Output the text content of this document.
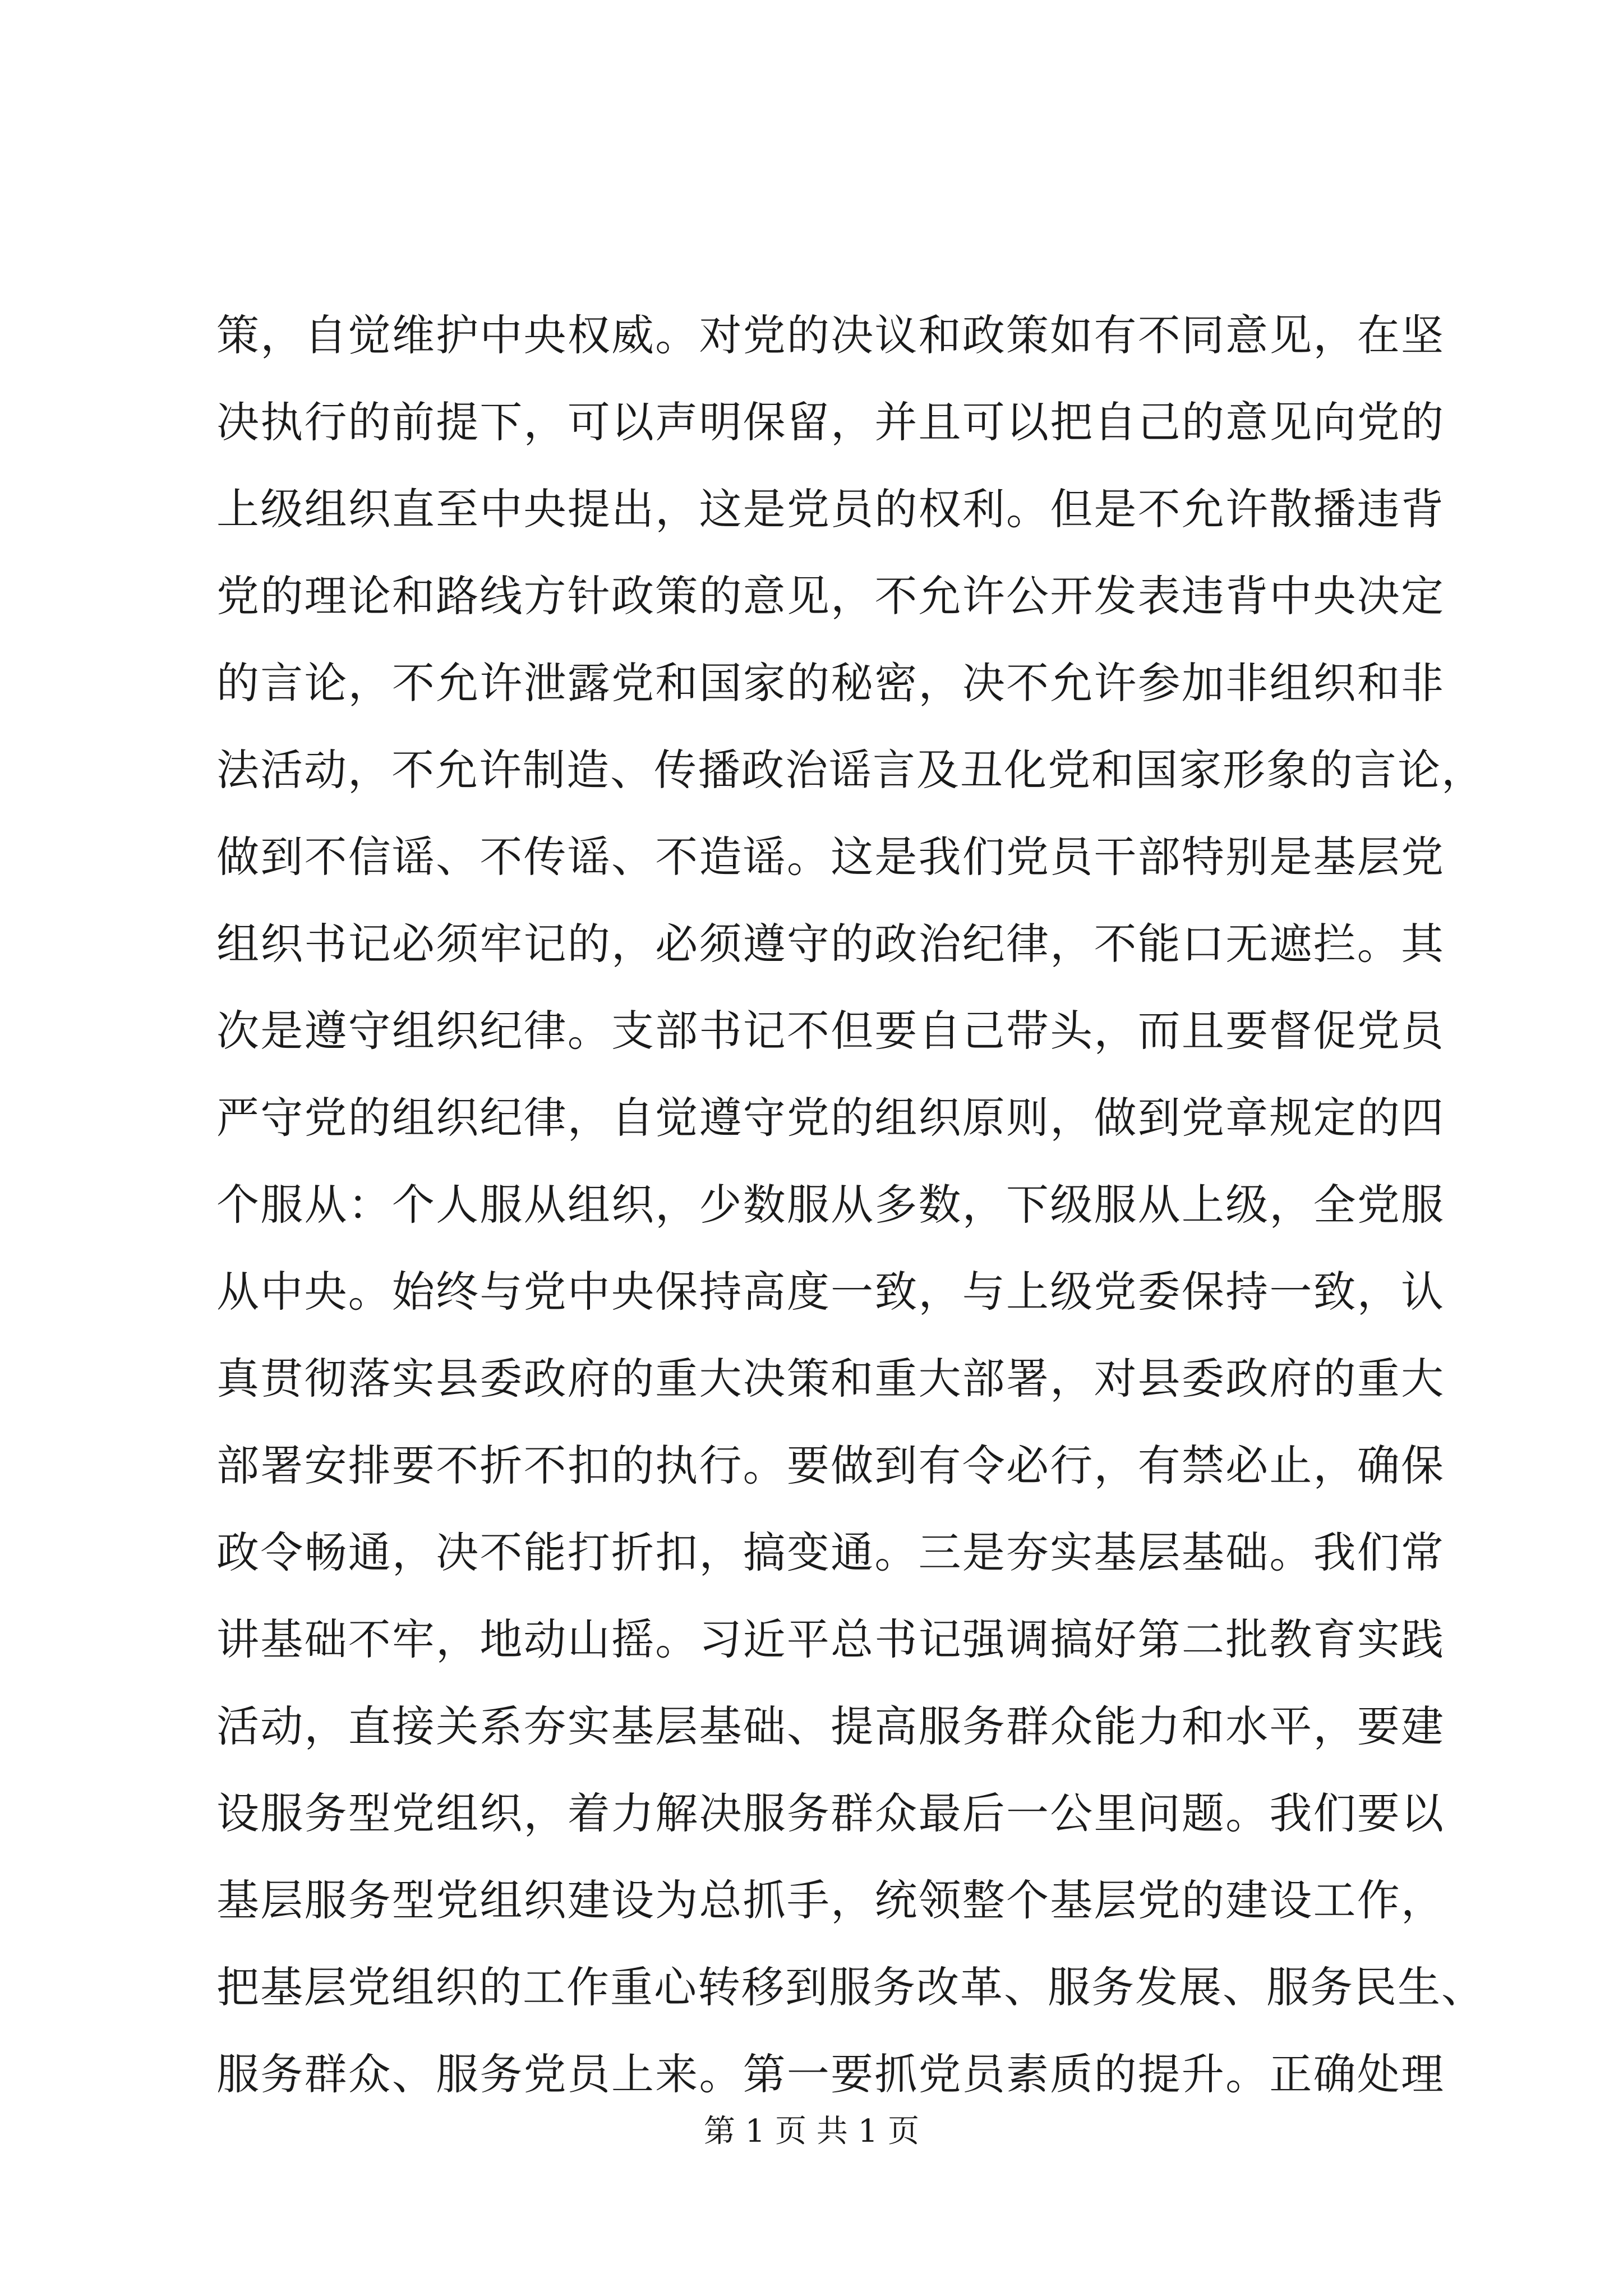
策，自觉维护中央权威。对党的决议和政策如有不同意见，在坚
决执行的前提下，可以声明保留，并且可以把自己的意见向党的
上级组织直至中央提出，这是党员的权利。但是不允许散播违背
党的理论和路线方针政策的意见，不允许公开发表违背中央决定
的言论，不允许泄露党和国家的秘密，决不允许参加非组织和非
法活动，不允许制造、传播政治谣言及丑化党和国家形象的言论，
做到不信谣、不传谣、不造谣。这是我们党员干部特别是基层党
组织书记必须牢记的，必须遵守的政治纪律，不能口无遮拦。其
次是遵守组织纪律。支部书记不但要自己带头，而且要督促党员
严守党的组织纪律，自觉遵守党的组织原则，做到党章规定的四
个服从：个人服从组织，少数服从多数，下级服从上级，全党服
从中央。始终与党中央保持高度一致，与上级党委保持一致，认
真贯彻落实县委政府的重大决策和重大部署，对县委政府的重大
部署安排要不折不扣的执行。要做到有令必行，有禁必止，确保
政令畅通，决不能打折扣，搞变通。三是夯实基层基础。我们常
讲基础不牢，地动山摇。习近平总书记强调搞好第二批教育实践
活动，直接关系夯实基层基础、提高服务群众能力和水平，要建
设服务型党组织，着力解决服务群众最后一公里问题。我们要以
基层服务型党组织建设为总抓手，统领整个基层党的建设工作，
把基层党组织的工作重心转移到服务改革、服务发展、服务民生、
服务群众、服务党员上来。第一要抓党员素质的提升。正确处理
第 1 页 共 1 页
